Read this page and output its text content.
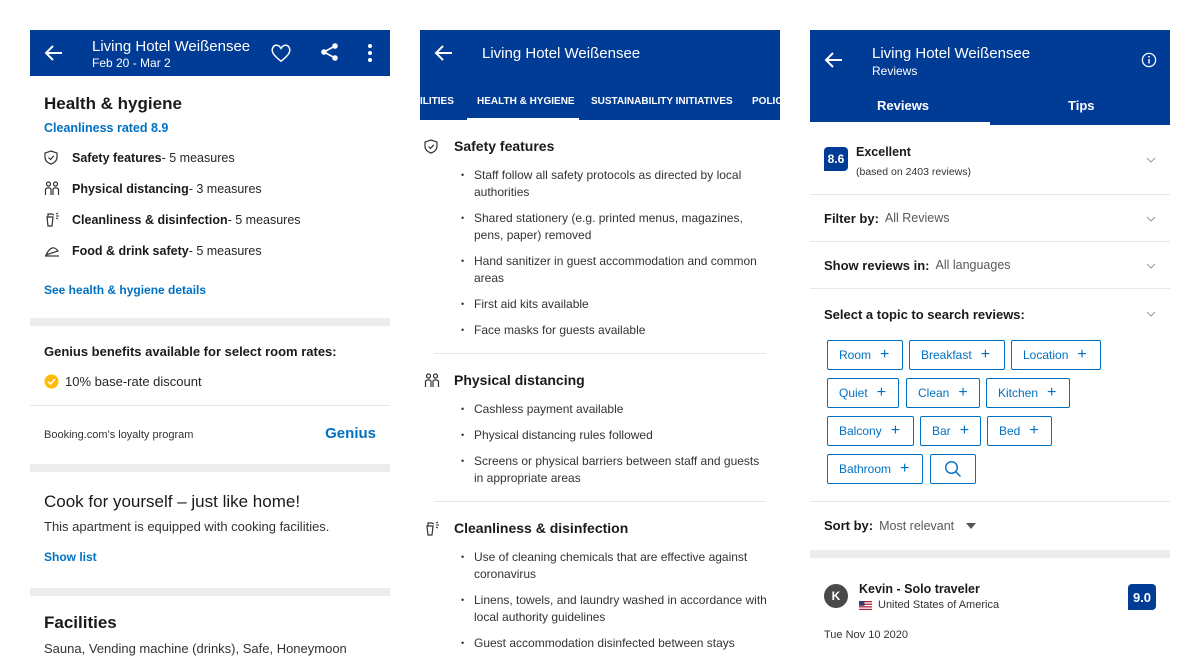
Living Hotel Weißensee
Feb 20 - Mar 2
Health & hygiene
Cleanliness rated 8.9
Safety features - 5 measures
Physical distancing - 3 measures
Cleanliness & disinfection - 5 measures
Food & drink safety - 5 measures
See health & hygiene details
Genius benefits available for select room rates:
10% base-rate discount
Booking.com's loyalty program	Genius
Cook for yourself – just like home!
This apartment is equipped with cooking facilities.
Show list
Facilities
Sauna, Vending machine (drinks), Safe, Honeymoon
Living Hotel Weißensee
ILITIES HEALTH & HYGIENE SUSTAINABILITY INITIATIVES POLIC
Safety features
• Staff follow all safety protocols as directed by local authorities
• Shared stationery (e.g. printed menus, magazines, pens, paper) removed
• Hand sanitizer in guest accommodation and common areas
• First aid kits available
• Face masks for guests available
Physical distancing
• Cashless payment available
• Physical distancing rules followed
• Screens or physical barriers between staff and guests in appropriate areas
Cleanliness & disinfection
• Use of cleaning chemicals that are effective against coronavirus
• Linens, towels, and laundry washed in accordance with local authority guidelines
• Guest accommodation disinfected between stays
Living Hotel Weißensee
Reviews
Reviews	Tips
8.6 Excellent
(based on 2403 reviews)
Filter by: All Reviews
Show reviews in: All languages
Select a topic to search reviews:
Room +	Breakfast +	Location +
Quiet +	Clean +	Kitchen +
Balcony +	Bar + Bed +
Bathroom +
Sort by: Most relevant
K	Kevin - Solo traveler
United States of America
9.0
Tue Nov 10 2020
